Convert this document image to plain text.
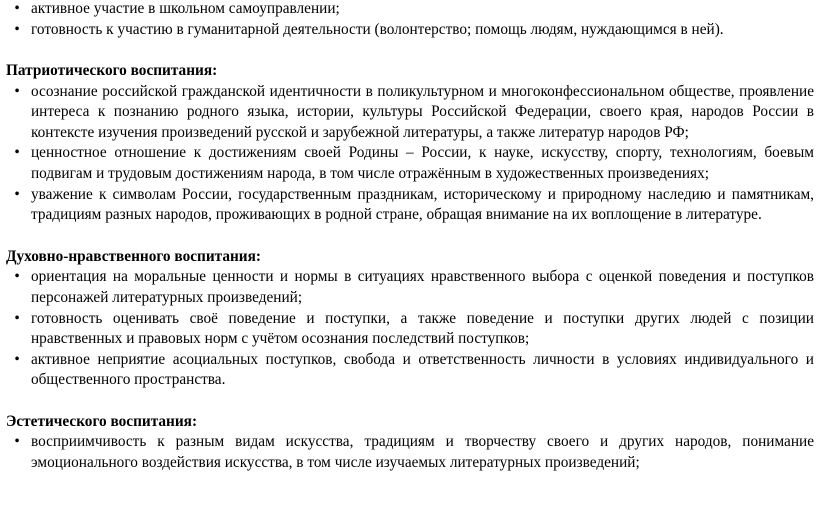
• активное участие в школьном самоуправлении;
• готовность к участию в гуманитарной деятельности (волонтерство; помощь людям, нуждающимся в ней).

Патриотического воспитания:

• осознание российской гражданской идентичности в поликультурном и многоконфессиональном обществе, проявление интереса к познанию родного языка, истории, культуры Российской Федерации, своего края, народов России в контексте изучения произведений русской и зарубежной литературы, а также литератур народов РФ;
• ценностное отношение к достижениям своей Родины – России, к науке, искусству, спорту, технологиям, боевым подвигам и трудовым достижениям народа, в том числе отражённым в художественных произведениях;
• уважение к символам России, государственным праздникам, историческому и природному наследию и памятникам, традициям разных народов, проживающих в родной стране, обращая внимание на их воплощение в литературе.

Духовно-нравственного воспитания:

• ориентация на моральные ценности и нормы в ситуациях нравственного выбора с оценкой поведения и поступков персонажей литературных произведений;
• готовность оценивать своё поведение и поступки, а также поведение и поступки других людей с позиции нравственных и правовых норм с учётом осознания последствий поступков;
• активное неприятие асоциальных поступков, свобода и ответственность личности в условиях индивидуального и общественного пространства.

Эстетического воспитания:

• восприимчивость к разным видам искусства, традициям и творчеству своего и других народов, понимание эмоционального воздействия искусства, в том числе изучаемых литературных произведений;
